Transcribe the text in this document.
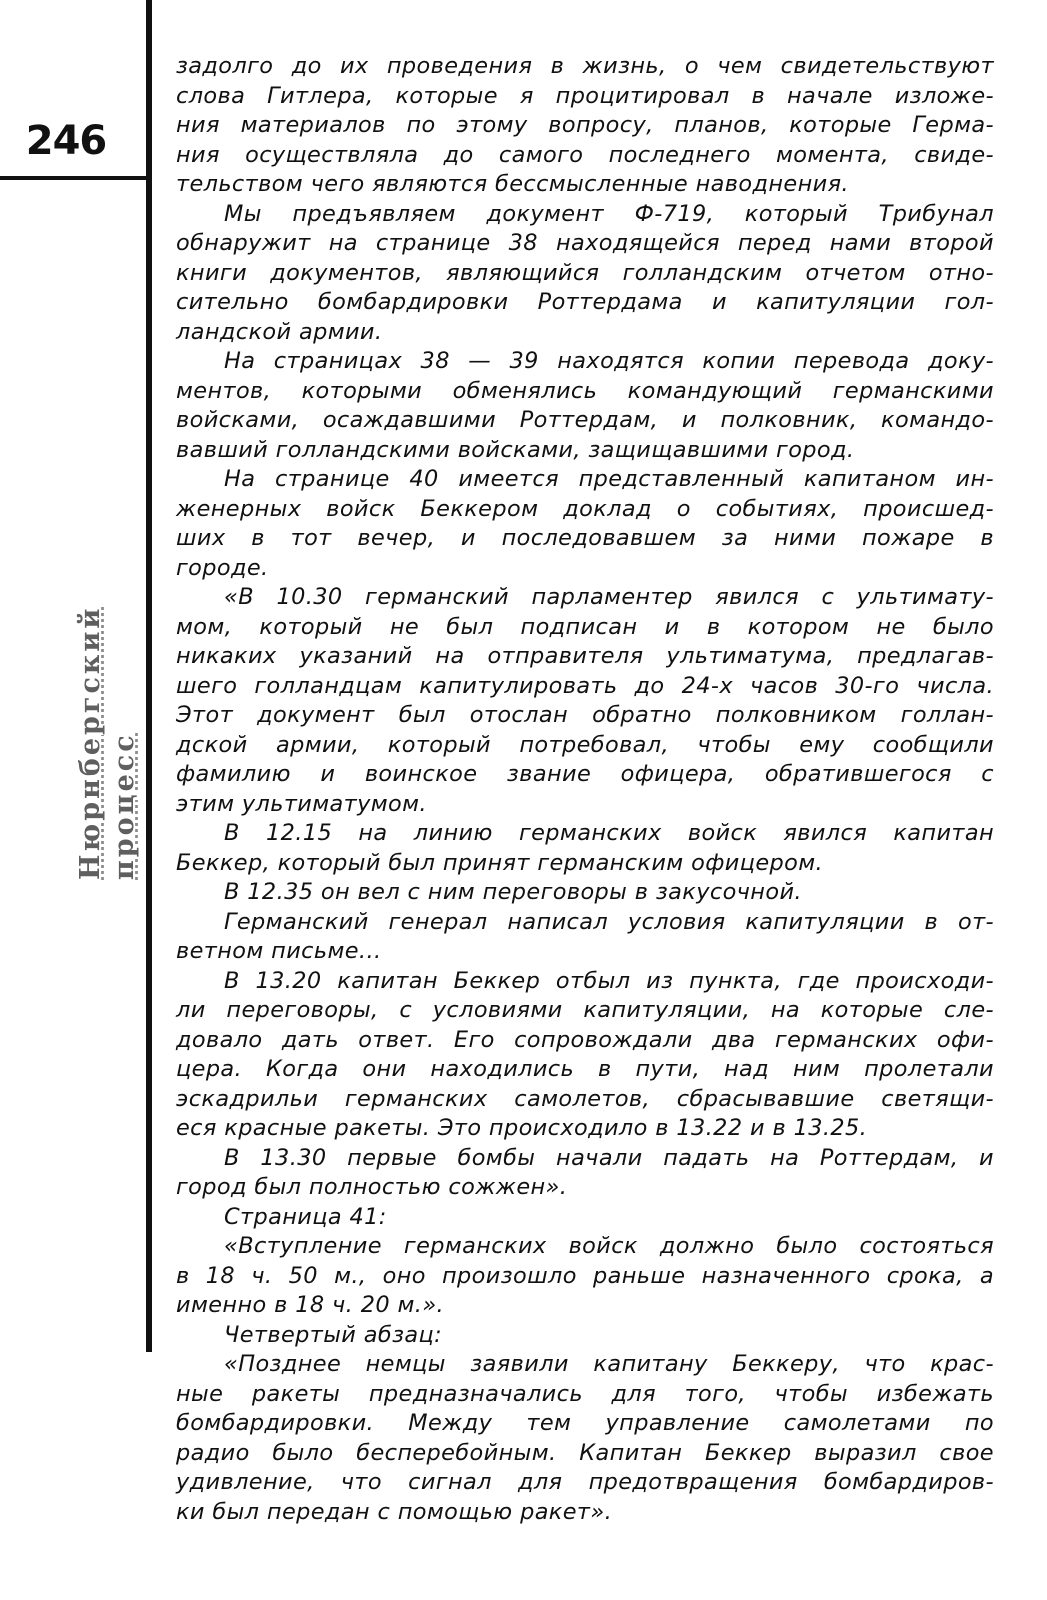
246
Нюрнбергский процесс
задолго до их проведения в жизнь, о чем свидетельствуют
слова Гитлера, которые я процитировал в начале изложе-
ния материалов по этому вопросу, планов, которые Герма-
ния осуществляла до самого последнего момента, свиде-
тельством чего являются бессмысленные наводнения.
Мы предъявляем документ Ф-719, который Трибунал
обнаружит на странице 38 находящейся перед нами второй
книги документов, являющийся голландским отчетом отно-
сительно бомбардировки Роттердама и капитуляции гол-
ландской армии.
На страницах 38 — 39 находятся копии перевода доку-
ментов, которыми обменялись командующий германскими
войсками, осаждавшими Роттердам, и полковник, командо-
вавший голландскими войсками, защищавшими город.
На странице 40 имеется представленный капитаном ин-
женерных войск Беккером доклад о событиях, происшед-
ших в тот вечер, и последовавшем за ними пожаре в
городе.
«В 10.30 германский парламентер явился с ультимату-
мом, который не был подписан и в котором не было
никаких указаний на отправителя ультиматума, предлагав-
шего голландцам капитулировать до 24-х часов 30-го числа.
Этот документ был отослан обратно полковником голлан-
дской армии, который потребовал, чтобы ему сообщили
фамилию и воинское звание офицера, обратившегося с
этим ультиматумом.
В 12.15 на линию германских войск явился капитан
Беккер, который был принят германским офицером.
В 12.35 он вел с ним переговоры в закусочной.
Германский генерал написал условия капитуляции в от-
ветном письме...
В 13.20 капитан Беккер отбыл из пункта, где происходи-
ли переговоры, с условиями капитуляции, на которые сле-
довало дать ответ. Его сопровождали два германских офи-
цера. Когда они находились в пути, над ним пролетали
эскадрильи германских самолетов, сбрасывавшие светящи-
еся красные ракеты. Это происходило в 13.22 и в 13.25.
В 13.30 первые бомбы начали падать на Роттердам, и
город был полностью сожжен».
Страница 41:
«Вступление германских войск должно было состояться
в 18 ч. 50 м., оно произошло раньше назначенного срока, а
именно в 18 ч. 20 м.».
Четвертый абзац:
«Позднее немцы заявили капитану Беккеру, что крас-
ные ракеты предназначались для того, чтобы избежать
бомбардировки. Между тем управление самолетами по
радио было бесперебойным. Капитан Беккер выразил свое
удивление, что сигнал для предотвращения бомбардиров-
ки был передан с помощью ракет».
